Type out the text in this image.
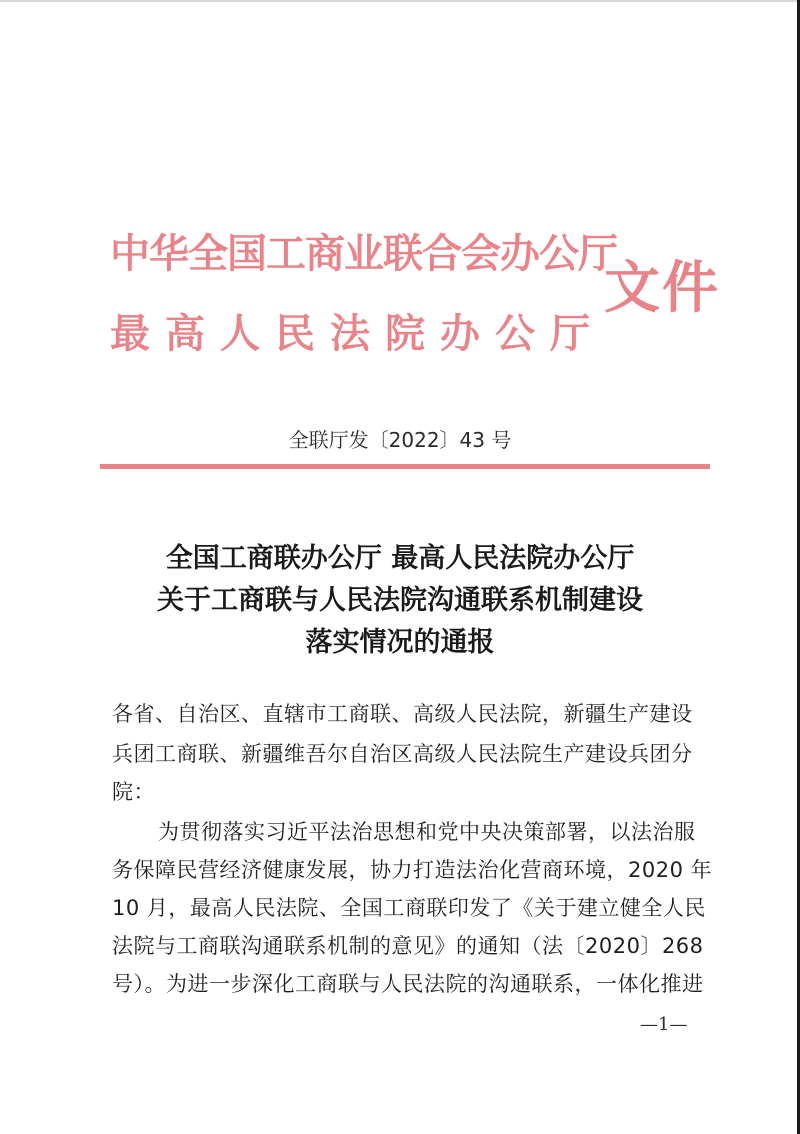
中华全国工商业联合会办公厅
最高人民法院办公厅
文件
全联厅发〔2022〕43 号
全国工商联办公厅 最高人民法院办公厅
关于工商联与人民法院沟通联系机制建设
落实情况的通报
各省、自治区、直辖市工商联、高级人民法院，新疆生产建设
兵团工商联、新疆维吾尔自治区高级人民法院生产建设兵团分
院：
为贯彻落实习近平法治思想和党中央决策部署，以法治服
务保障民营经济健康发展，协力打造法治化营商环境，2020 年
10 月，最高人民法院、全国工商联印发了《关于建立健全人民
法院与工商联沟通联系机制的意见》的通知（法〔2020〕268
号）。为进一步深化工商联与人民法院的沟通联系，一体化推进
—1—
